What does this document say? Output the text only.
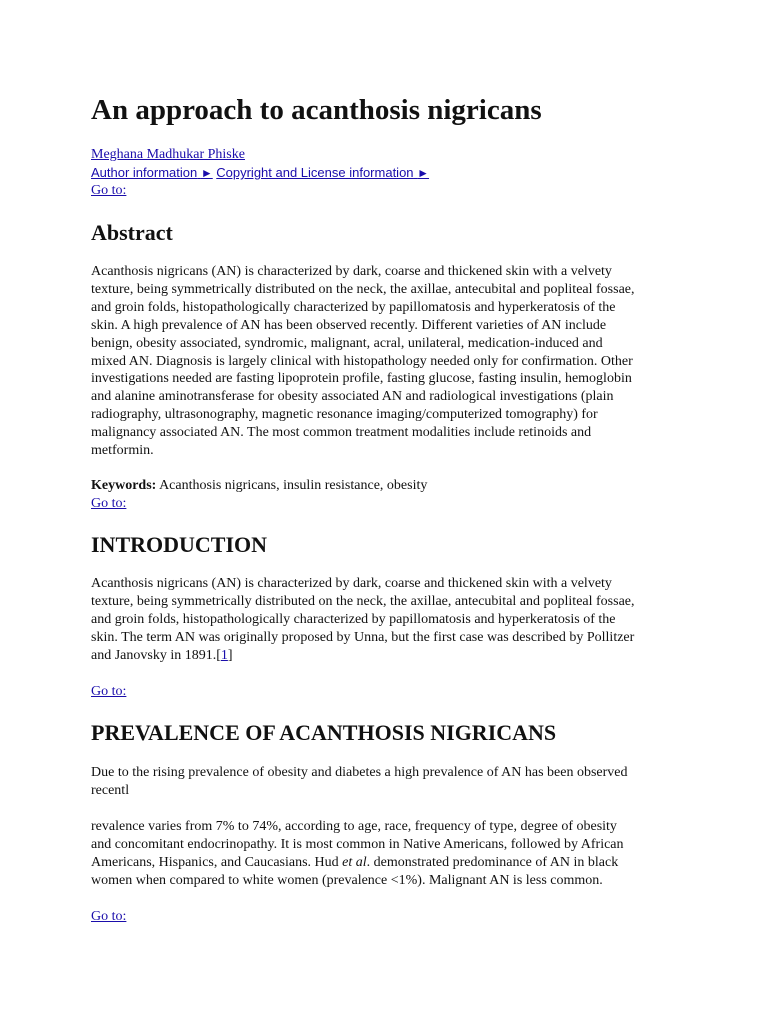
An approach to acanthosis nigricans
Meghana Madhukar Phiske
Author information ► Copyright and License information ►
Go to:
Abstract
Acanthosis nigricans (AN) is characterized by dark, coarse and thickened skin with a velvety
texture, being symmetrically distributed on the neck, the axillae, antecubital and popliteal fossae,
and groin folds, histopathologically characterized by papillomatosis and hyperkeratosis of the
skin. A high prevalence of AN has been observed recently. Different varieties of AN include
benign, obesity associated, syndromic, malignant, acral, unilateral, medication-induced and
mixed AN. Diagnosis is largely clinical with histopathology needed only for confirmation. Other
investigations needed are fasting lipoprotein profile, fasting glucose, fasting insulin, hemoglobin
and alanine aminotransferase for obesity associated AN and radiological investigations (plain
radiography, ultrasonography, magnetic resonance imaging/computerized tomography) for
malignancy associated AN. The most common treatment modalities include retinoids and
metformin.
Keywords: Acanthosis nigricans, insulin resistance, obesity
Go to:
INTRODUCTION
Acanthosis nigricans (AN) is characterized by dark, coarse and thickened skin with a velvety
texture, being symmetrically distributed on the neck, the axillae, antecubital and popliteal fossae,
and groin folds, histopathologically characterized by papillomatosis and hyperkeratosis of the
skin. The term AN was originally proposed by Unna, but the first case was described by Pollitzer
and Janovsky in 1891.[1]
Go to:
PREVALENCE OF ACANTHOSIS NIGRICANS
Due to the rising prevalence of obesity and diabetes a high prevalence of AN has been observed
recentl
revalence varies from 7% to 74%, according to age, race, frequency of type, degree of obesity
and concomitant endocrinopathy. It is most common in Native Americans, followed by African
Americans, Hispanics, and Caucasians. Hud et al. demonstrated predominance of AN in black
women when compared to white women (prevalence <1%). Malignant AN is less common.
Go to:
